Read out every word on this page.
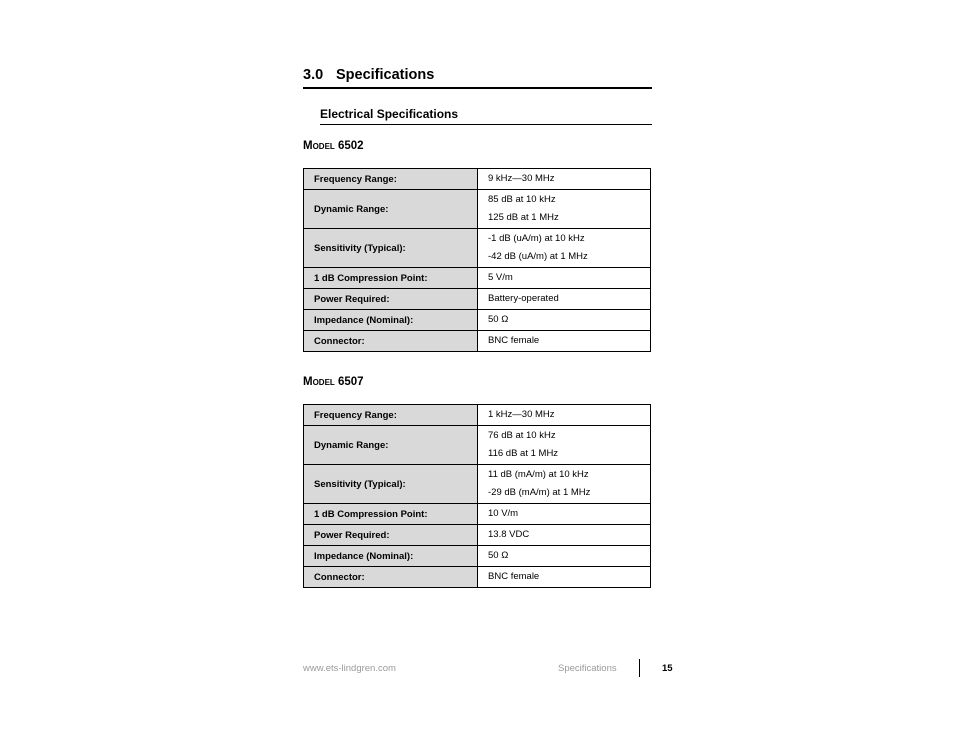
3.0 Specifications
Electrical Specifications
Model 6502
Frequency Range:	9 kHz—30 MHz

Dynamic Range:	85 dB at 10 kHz
125 dB at 1 MHz

Sensitivity (Typical):	-1 dB (uA/m) at 10 kHz
-42 dB (uA/m) at 1 MHz

1 dB Compression Point:	5 V/m

Power Required:	Battery-operated

Impedance (Nominal):	50 Ω

Connector:	BNC female
Model 6507
Frequency Range:	1 kHz—30 MHz

Dynamic Range:	76 dB at 10 kHz
116 dB at 1 MHz

Sensitivity (Typical):	11 dB (mA/m) at 10 kHz
-29 dB (mA/m) at 1 MHz

1 dB Compression Point:	10 V/m

Power Required:	13.8 VDC

Impedance (Nominal):	50 Ω

Connector:	BNC female
www.ets-lindgren.com	Specifications	15
